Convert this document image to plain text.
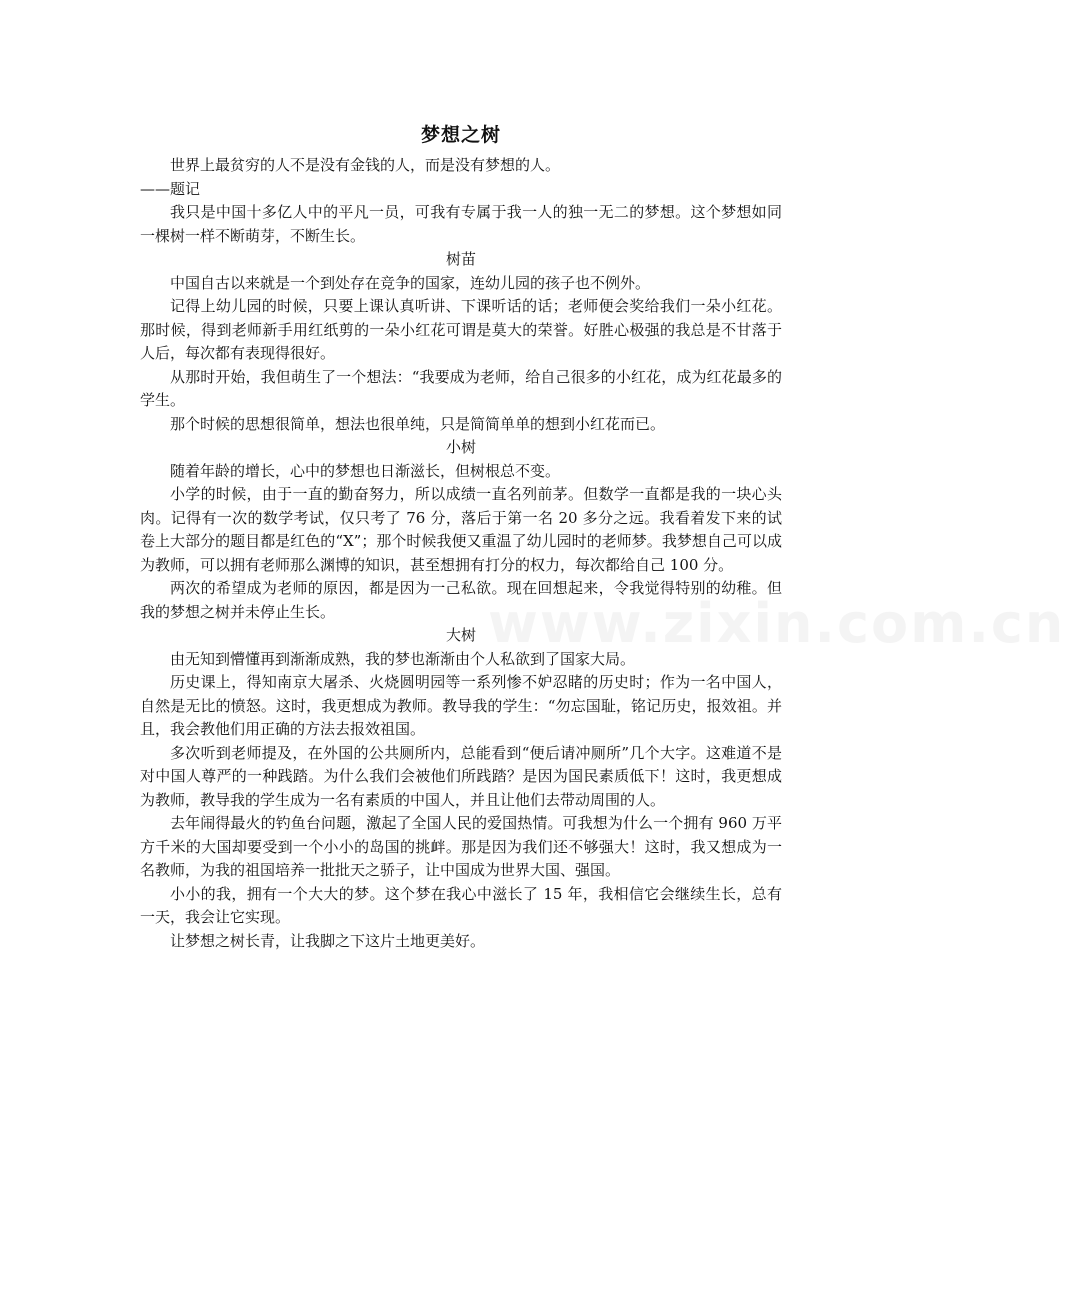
梦想之树

世界上最贫穷的人不是没有金钱的人，而是没有梦想的人。

——题记

我只是中国十多亿人中的平凡一员，可我有专属于我一人的独一无二的梦想。这个梦想如同一棵树一样不断萌芽，不断生长。

树苗

中国自古以来就是一个到处存在竞争的国家，连幼儿园的孩子也不例外。

记得上幼儿园的时候，只要上课认真听讲、下课听话的话；老师便会奖给我们一朵小红花。那时候，得到老师新手用红纸剪的一朵小红花可谓是莫大的荣誉。好胜心极强的我总是不甘落于人后，每次都有表现得很好。

从那时开始，我但萌生了一个想法：“我要成为老师，给自己很多的小红花，成为红花最多的学生。

那个时候的思想很简单，想法也很单纯，只是简简单单的想到小红花而已。

小树

随着年龄的增长，心中的梦想也日渐滋长，但树根总不变。

小学的时候，由于一直的勤奋努力，所以成绩一直名列前茅。但数学一直都是我的一块心头肉。记得有一次的数学考试，仅只考了 76 分，落后于第一名 20 多分之远。我看着发下来的试卷上大部分的题目都是红色的“X”；那个时候我便又重温了幼儿园时的老师梦。我梦想自己可以成为教师，可以拥有老师那么渊博的知识，甚至想拥有打分的权力，每次都给自己 100 分。

两次的希望成为老师的原因，都是因为一己私欲。现在回想起来，令我觉得特别的幼稚。但我的梦想之树并未停止生长。

大树

由无知到懵懂再到渐渐成熟，我的梦也渐渐由个人私欲到了国家大局。

历史课上，得知南京大屠杀、火烧圆明园等一系列惨不妒忍睹的历史时；作为一名中国人，自然是无比的愤怒。这时，我更想成为教师。教导我的学生：“勿忘国耻，铭记历史，报效祖。并且，我会教他们用正确的方法去报效祖国。

多次听到老师提及，在外国的公共厕所内，总能看到“便后请冲厕所”几个大字。这难道不是对中国人尊严的一种践踏。为什么我们会被他们所践踏？是因为国民素质低下！这时，我更想成为教师，教导我的学生成为一名有素质的中国人，并且让他们去带动周围的人。

去年闹得最火的钓鱼台问题，激起了全国人民的爱国热情。可我想为什么一个拥有 960 万平方千米的大国却要受到一个小小的岛国的挑衅。那是因为我们还不够强大！这时，我又想成为一名教师，为我的祖国培养一批批天之骄子，让中国成为世界大国、强国。

小小的我，拥有一个大大的梦。这个梦在我心中滋长了 15 年，我相信它会继续生长，总有一天，我会让它实现。

让梦想之树长青，让我脚之下这片土地更美好。

www.zixin.com.cn
